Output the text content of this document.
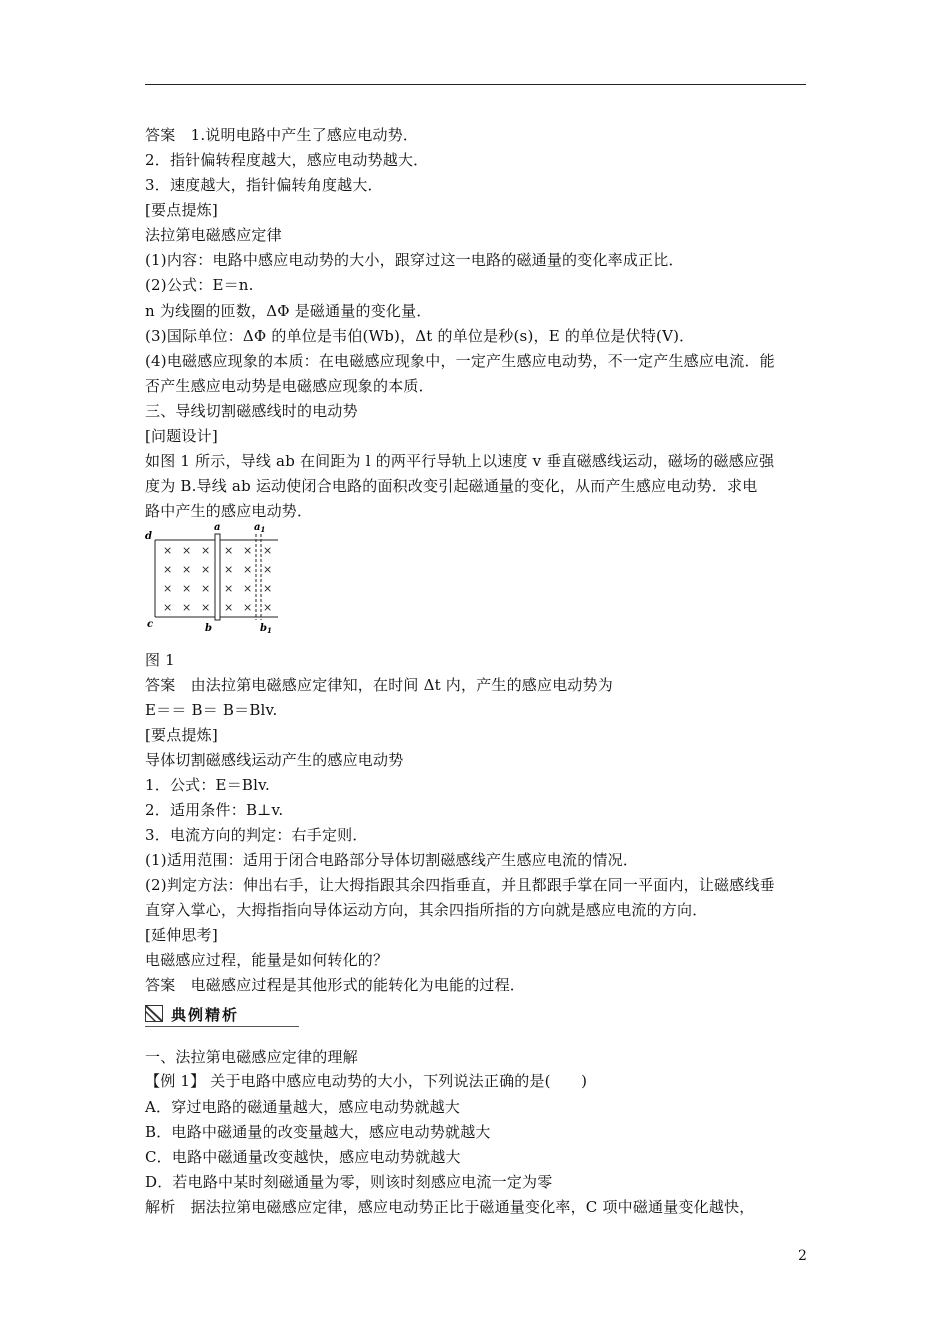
答案　1.说明电路中产生了感应电动势．
2．指针偏转程度越大，感应电动势越大．
3．速度越大，指针偏转角度越大．
[要点提炼]
法拉第电磁感应定律
(1)内容：电路中感应电动势的大小，跟穿过这一电路的磁通量的变化率成正比．
(2)公式：E＝n.
n 为线圈的匝数，ΔΦ 是磁通量的变化量．
(3)国际单位：ΔΦ 的单位是韦伯(Wb)，Δt 的单位是秒(s)，E 的单位是伏特(V)．
(4)电磁感应现象的本质：在电磁感应现象中，一定产生感应电动势，不一定产生感应电流．能
否产生感应电动势是电磁感应现象的本质．
三、导线切割磁感线时的电动势
[问题设计]
如图 1 所示，导线 ab 在间距为 l 的两平行导轨上以速度 v 垂直磁感线运动，磁场的磁感应强
度为 B.导线 ab 运动使闭合电路的面积改变引起磁通量的变化，从而产生感应电动势．求电
路中产生的感应电动势．
d
a	$a_1$
c	b	$b_1$
× × × × × ×
× × × × × ×
× × × × × ×
× × × × × ×
图 1
答案　由法拉第电磁感应定律知，在时间 Δt 内，产生的感应电动势为
E＝＝ B＝ B＝Blv.
[要点提炼]
导体切割磁感线运动产生的感应电动势
1．公式：E＝Blv.
2．适用条件：B⊥v.
3．电流方向的判定：右手定则．
(1)适用范围：适用于闭合电路部分导体切割磁感线产生感应电流的情况．
(2)判定方法：伸出右手，让大拇指跟其余四指垂直，并且都跟手掌在同一平面内，让磁感线垂
直穿入掌心，大拇指指向导体运动方向，其余四指所指的方向就是感应电流的方向．
[延伸思考]
电磁感应过程，能量是如何转化的？
答案　电磁感应过程是其他形式的能转化为电能的过程．
典例精析
一、法拉第电磁感应定律的理解
【例 1】 关于电路中感应电动势的大小，下列说法正确的是(　　)
A．穿过电路的磁通量越大，感应电动势就越大
B．电路中磁通量的改变量越大，感应电动势就越大
C．电路中磁通量改变越快，感应电动势就越大
D．若电路中某时刻磁通量为零，则该时刻感应电流一定为零
解析　据法拉第电磁感应定律，感应电动势正比于磁通量变化率，C 项中磁通量变化越快，
2
